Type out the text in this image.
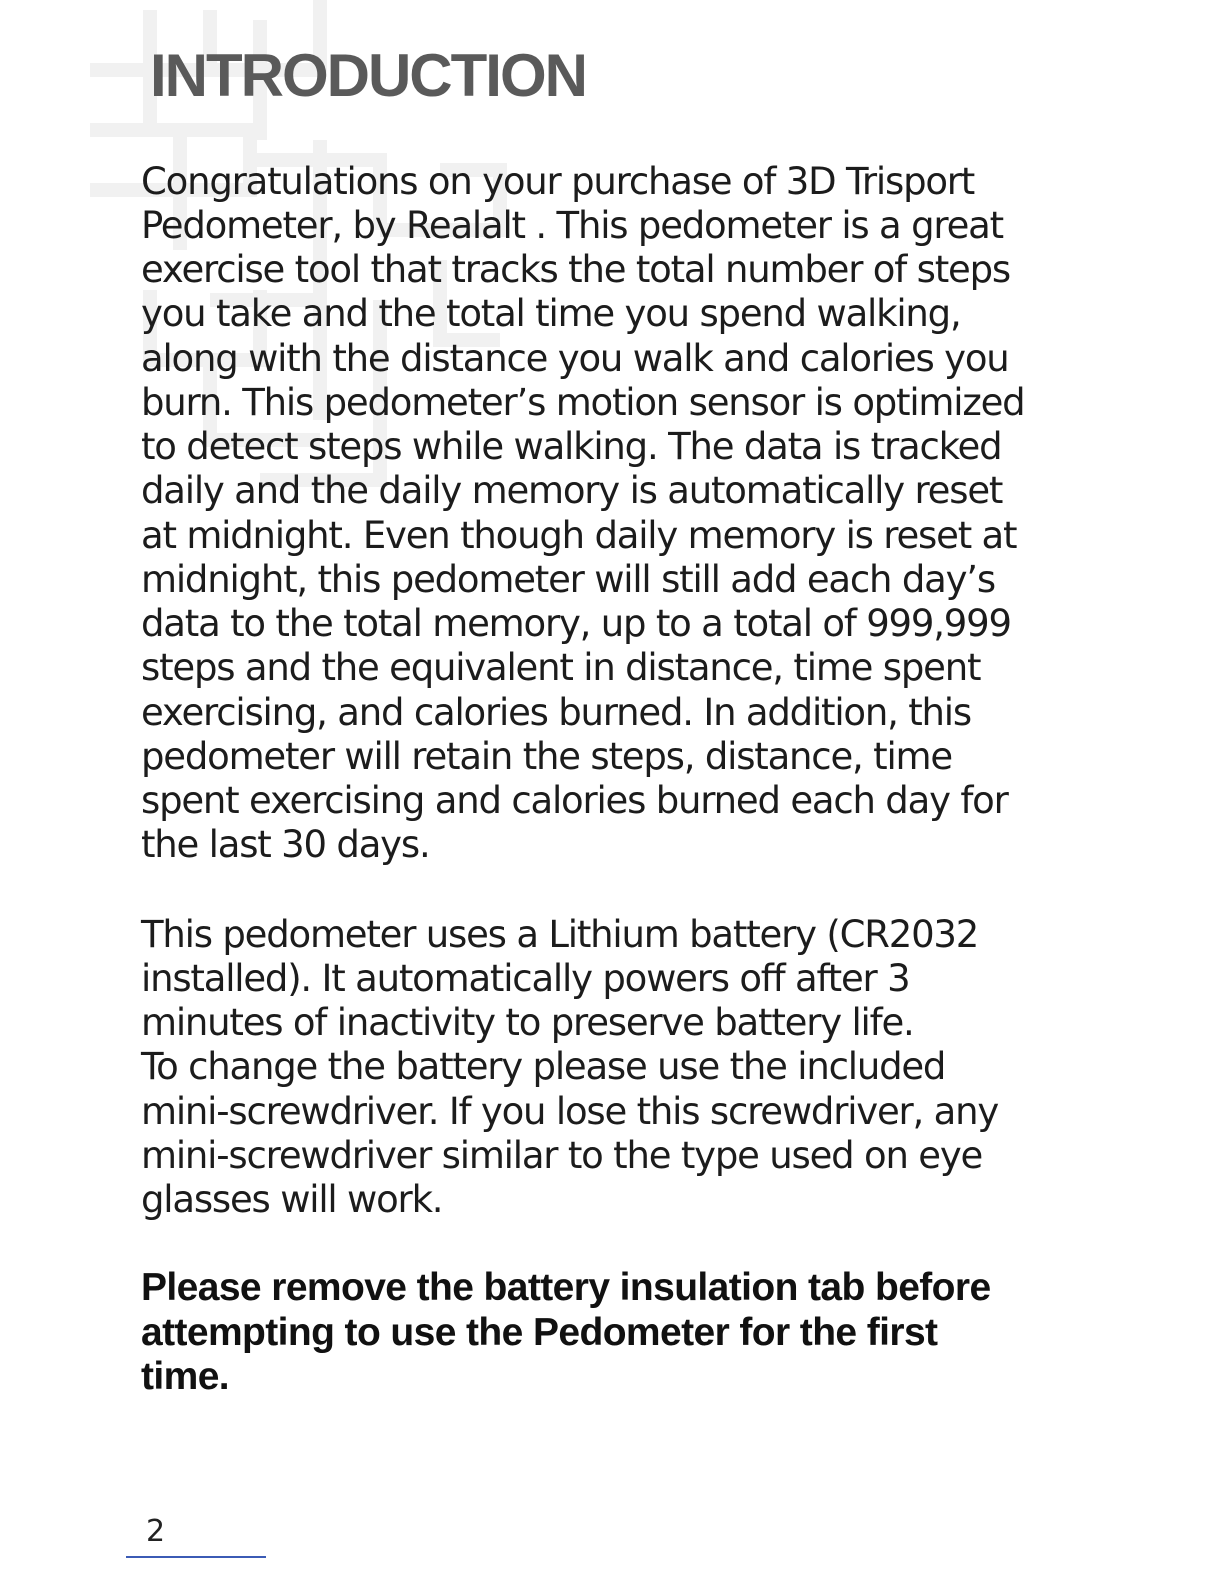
INTRODUCTION

Congratulations on your purchase of 3D Trisport

Pedometer, by Realalt . This pedometer is a great

exercise tool that tracks the total number of steps

you take and the total time you spend walking,

along with the distance you walk and calories you

burn. This pedometer’s motion sensor is optimized

to detect steps while walking. The data is tracked

daily and the daily memory is automatically reset

at midnight. Even though daily memory is reset at

midnight, this pedometer will still add each day’s

data to the total memory, up to a total of 999,999

steps and the equivalent in distance, time spent

exercising, and calories burned. In addition, this

pedometer will retain the steps, distance, time

spent exercising and calories burned each day for

the last 30 days.

This pedometer uses a Lithium battery (CR2032

installed). It automatically powers off after 3

minutes of inactivity to preserve battery life.

To change the battery please use the included

mini-screwdriver. If you lose this screwdriver, any

mini-screwdriver similar to the type used on eye

glasses will work.

Please remove the battery insulation tab before

attempting to use the Pedometer for the first

time.

2
